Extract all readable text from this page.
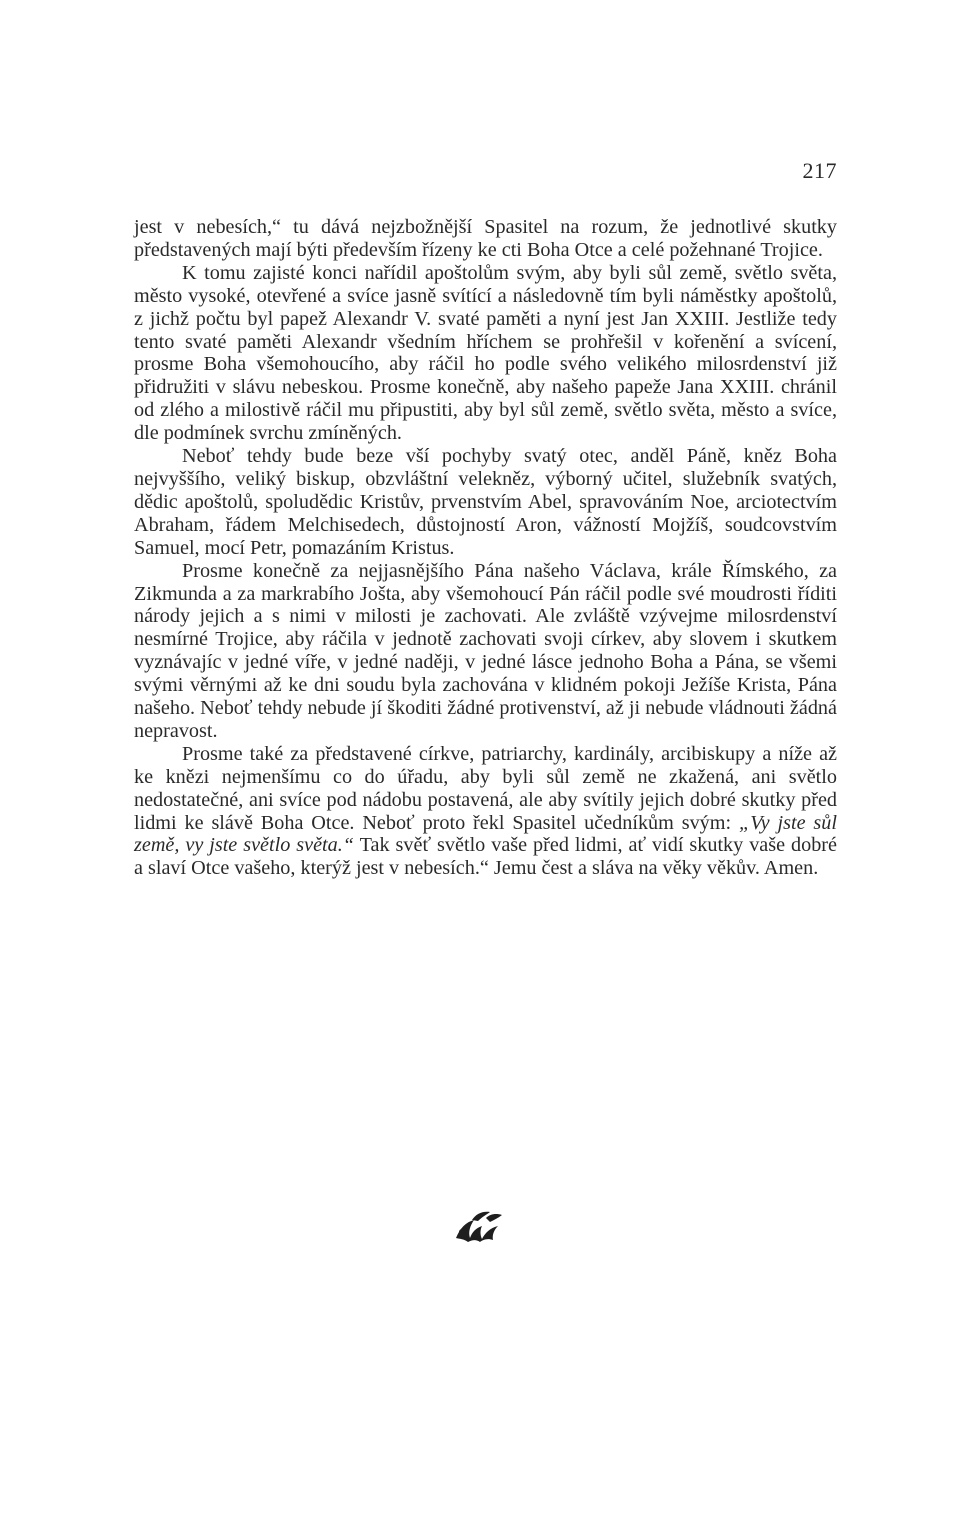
217

jest v nebesích,“ tu dává nejzbožnější Spasitel na rozum, že jednotlivé skutky představených mají býti především řízeny ke cti Boha Otce a celé požehnané Trojice.

K tomu zajisté konci nařídil apoštolům svým, aby byli sůl země, světlo světa, město vysoké, otevřené a svíce jasně svítící a následovně tím byli náměstky apoštolů, z jichž počtu byl papež Alexandr V. svaté paměti a nyní jest Jan XXIII. Jestliže tedy tento svaté paměti Alexandr všedním hříchem se prohřešil v kořenění a svícení, prosme Boha všemohoucího, aby ráčil ho podle svého velikého milosrdenství již přidružiti v slávu nebeskou. Prosme konečně, aby našeho papeže Jana XXIII. chránil od zlého a milostivě ráčil mu připustiti, aby byl sůl země, světlo světa, město a svíce, dle podmínek svrchu zmíněných.

Neboť tehdy bude beze vší pochyby svatý otec, anděl Páně, kněz Boha nejvyššího, veliký biskup, obzvláštní velekněz, výborný učitel, služebník svatých, dědic apoštolů, spoludědic Kristův, prvenstvím Abel, spravováním Noe, arciotectvím Abraham, řádem Melchisedech, důstojností Aron, vážností Mojžíš, soudcovstvím Samuel, mocí Petr, pomazáním Kristus.

Prosme konečně za nejjasnějšího Pána našeho Václava, krále Římského, za Zikmunda a za markrabího Jošta, aby všemohoucí Pán ráčil podle své moudrosti říditi národy jejich a s nimi v milosti je zachovati. Ale zvláště vzývejme milosrdenství nesmírné Trojice, aby ráčila v jednotě zachovati svoji církev, aby slovem i skutkem vyznávajíc v jedné víře, v jedné naději, v jedné lásce jednoho Boha a Pána, se všemi svými věrnými až ke dni soudu byla zachována v klidném pokoji Ježíše Krista, Pána našeho. Neboť tehdy nebude jí škoditi žádné protivenství, až ji nebude vládnouti žádná nepravost.

Prosme také za představené církve, patriarchy, kardinály, arcibiskupy a níže až ke knězi nejmenšímu co do úřadu, aby byli sůl země ne zkažená, ani světlo nedostatečné, ani svíce pod nádobu postavená, ale aby svítily jejich dobré skutky před lidmi ke slávě Boha Otce. Neboť proto řekl Spasitel učedníkům svým: „Vy jste sůl země, vy jste světlo světa.“ Tak svěť světlo vaše před lidmi, ať vidí skutky vaše dobré a slaví Otce vašeho, kterýž jest v nebesích.“ Jemu čest a sláva na věky věkův. Amen.
